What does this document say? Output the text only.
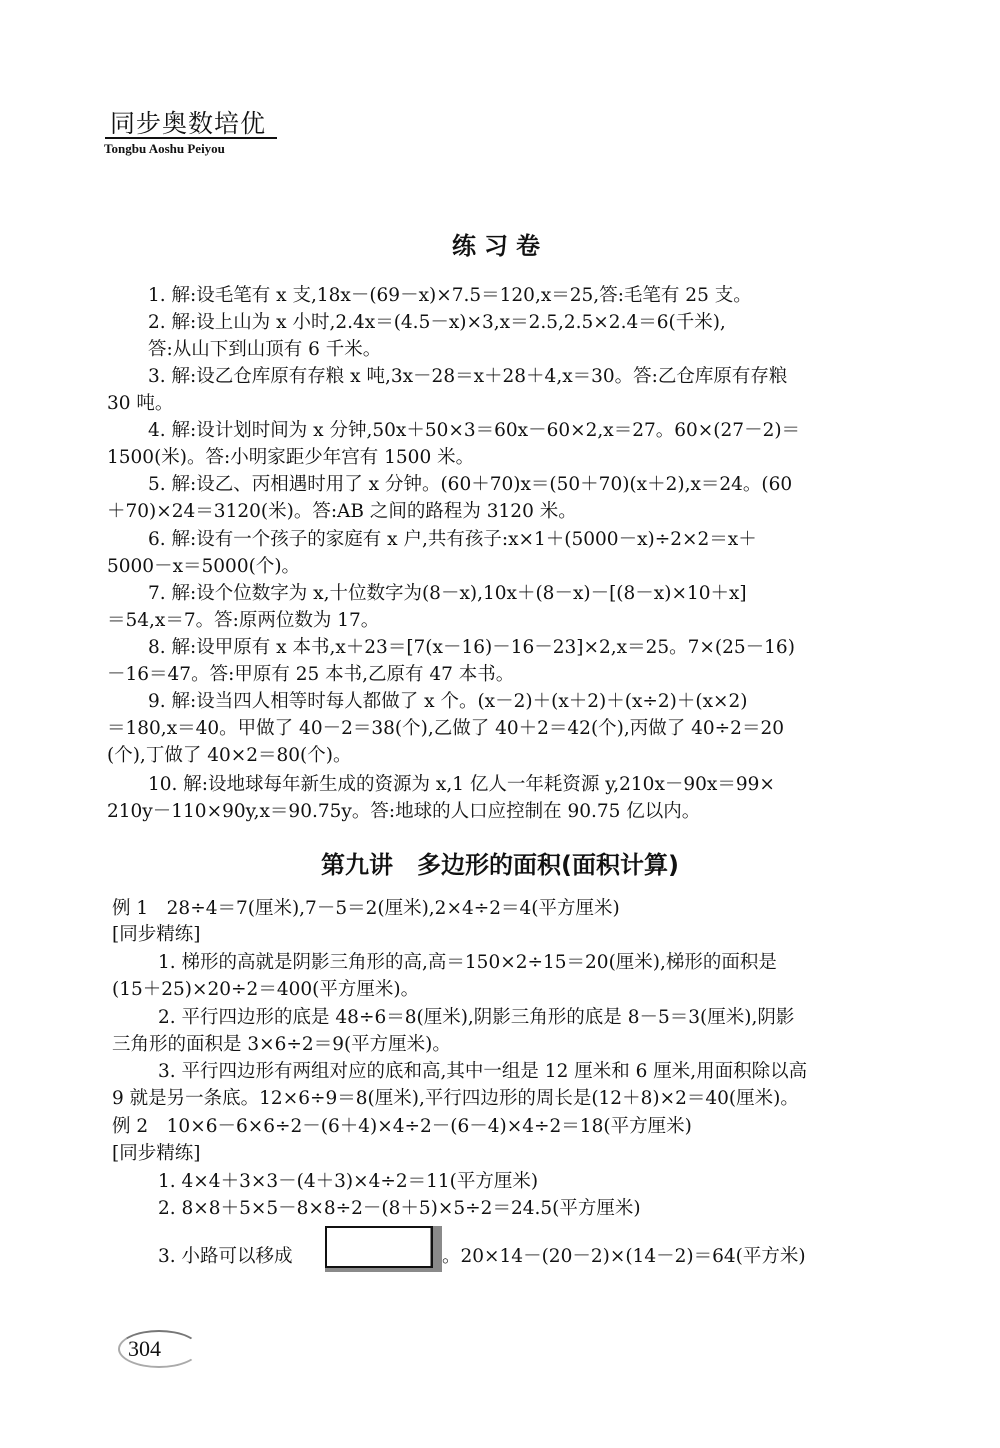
同步奥数培优
Tongbu Aoshu Peiyou
练习卷
1. 解:设毛笔有 x 支,18x－(69－x)×7.5＝120,x＝25,答:毛笔有 25 支。
2. 解:设上山为 x 小时,2.4x＝(4.5－x)×3,x＝2.5,2.5×2.4＝6(千米),
答:从山下到山顶有 6 千米。
3. 解:设乙仓库原有存粮 x 吨,3x－28＝x＋28＋4,x＝30。答:乙仓库原有存粮
30 吨。
4. 解:设计划时间为 x 分钟,50x＋50×3＝60x－60×2,x＝27。60×(27－2)＝
1500(米)。答:小明家距少年宫有 1500 米。
5. 解:设乙、丙相遇时用了 x 分钟。(60＋70)x＝(50＋70)(x＋2),x＝24。(60
＋70)×24＝3120(米)。答:AB 之间的路程为 3120 米。
6. 解:设有一个孩子的家庭有 x 户,共有孩子:x×1＋(5000－x)÷2×2＝x＋
5000－x＝5000(个)。
7. 解:设个位数字为 x,十位数字为(8－x),10x＋(8－x)－[(8－x)×10＋x]
＝54,x＝7。答:原两位数为 17。
8. 解:设甲原有 x 本书,x＋23＝[7(x－16)－16－23]×2,x＝25。7×(25－16)
－16＝47。答:甲原有 25 本书,乙原有 47 本书。
9. 解:设当四人相等时每人都做了 x 个。(x－2)＋(x＋2)＋(x÷2)＋(x×2)
＝180,x＝40。甲做了 40－2＝38(个),乙做了 40＋2＝42(个),丙做了 40÷2＝20
(个),丁做了 40×2＝80(个)。
10. 解:设地球每年新生成的资源为 x,1 亿人一年耗资源 y,210x－90x＝99×
210y－110×90y,x＝90.75y。答:地球的人口应控制在 90.75 亿以内。
第九讲　多边形的面积(面积计算)
例 1　28÷4＝7(厘米),7－5＝2(厘米),2×4÷2＝4(平方厘米)
[同步精练]
1. 梯形的高就是阴影三角形的高,高＝150×2÷15＝20(厘米),梯形的面积是
(15＋25)×20÷2＝400(平方厘米)。
2. 平行四边形的底是 48÷6＝8(厘米),阴影三角形的底是 8－5＝3(厘米),阴影
三角形的面积是 3×6÷2＝9(平方厘米)。
3. 平行四边形有两组对应的底和高,其中一组是 12 厘米和 6 厘米,用面积除以高
9 就是另一条底。12×6÷9＝8(厘米),平行四边形的周长是(12＋8)×2＝40(厘米)。
例 2　10×6－6×6÷2－(6＋4)×4÷2－(6－4)×4÷2＝18(平方厘米)
[同步精练]
1. 4×4＋3×3－(4＋3)×4÷2＝11(平方厘米)
2. 8×8＋5×5－8×8÷2－(8＋5)×5÷2＝24.5(平方厘米)
3. 小路可以移成	。20×14－(20－2)×(14－2)＝64(平方米)
304
